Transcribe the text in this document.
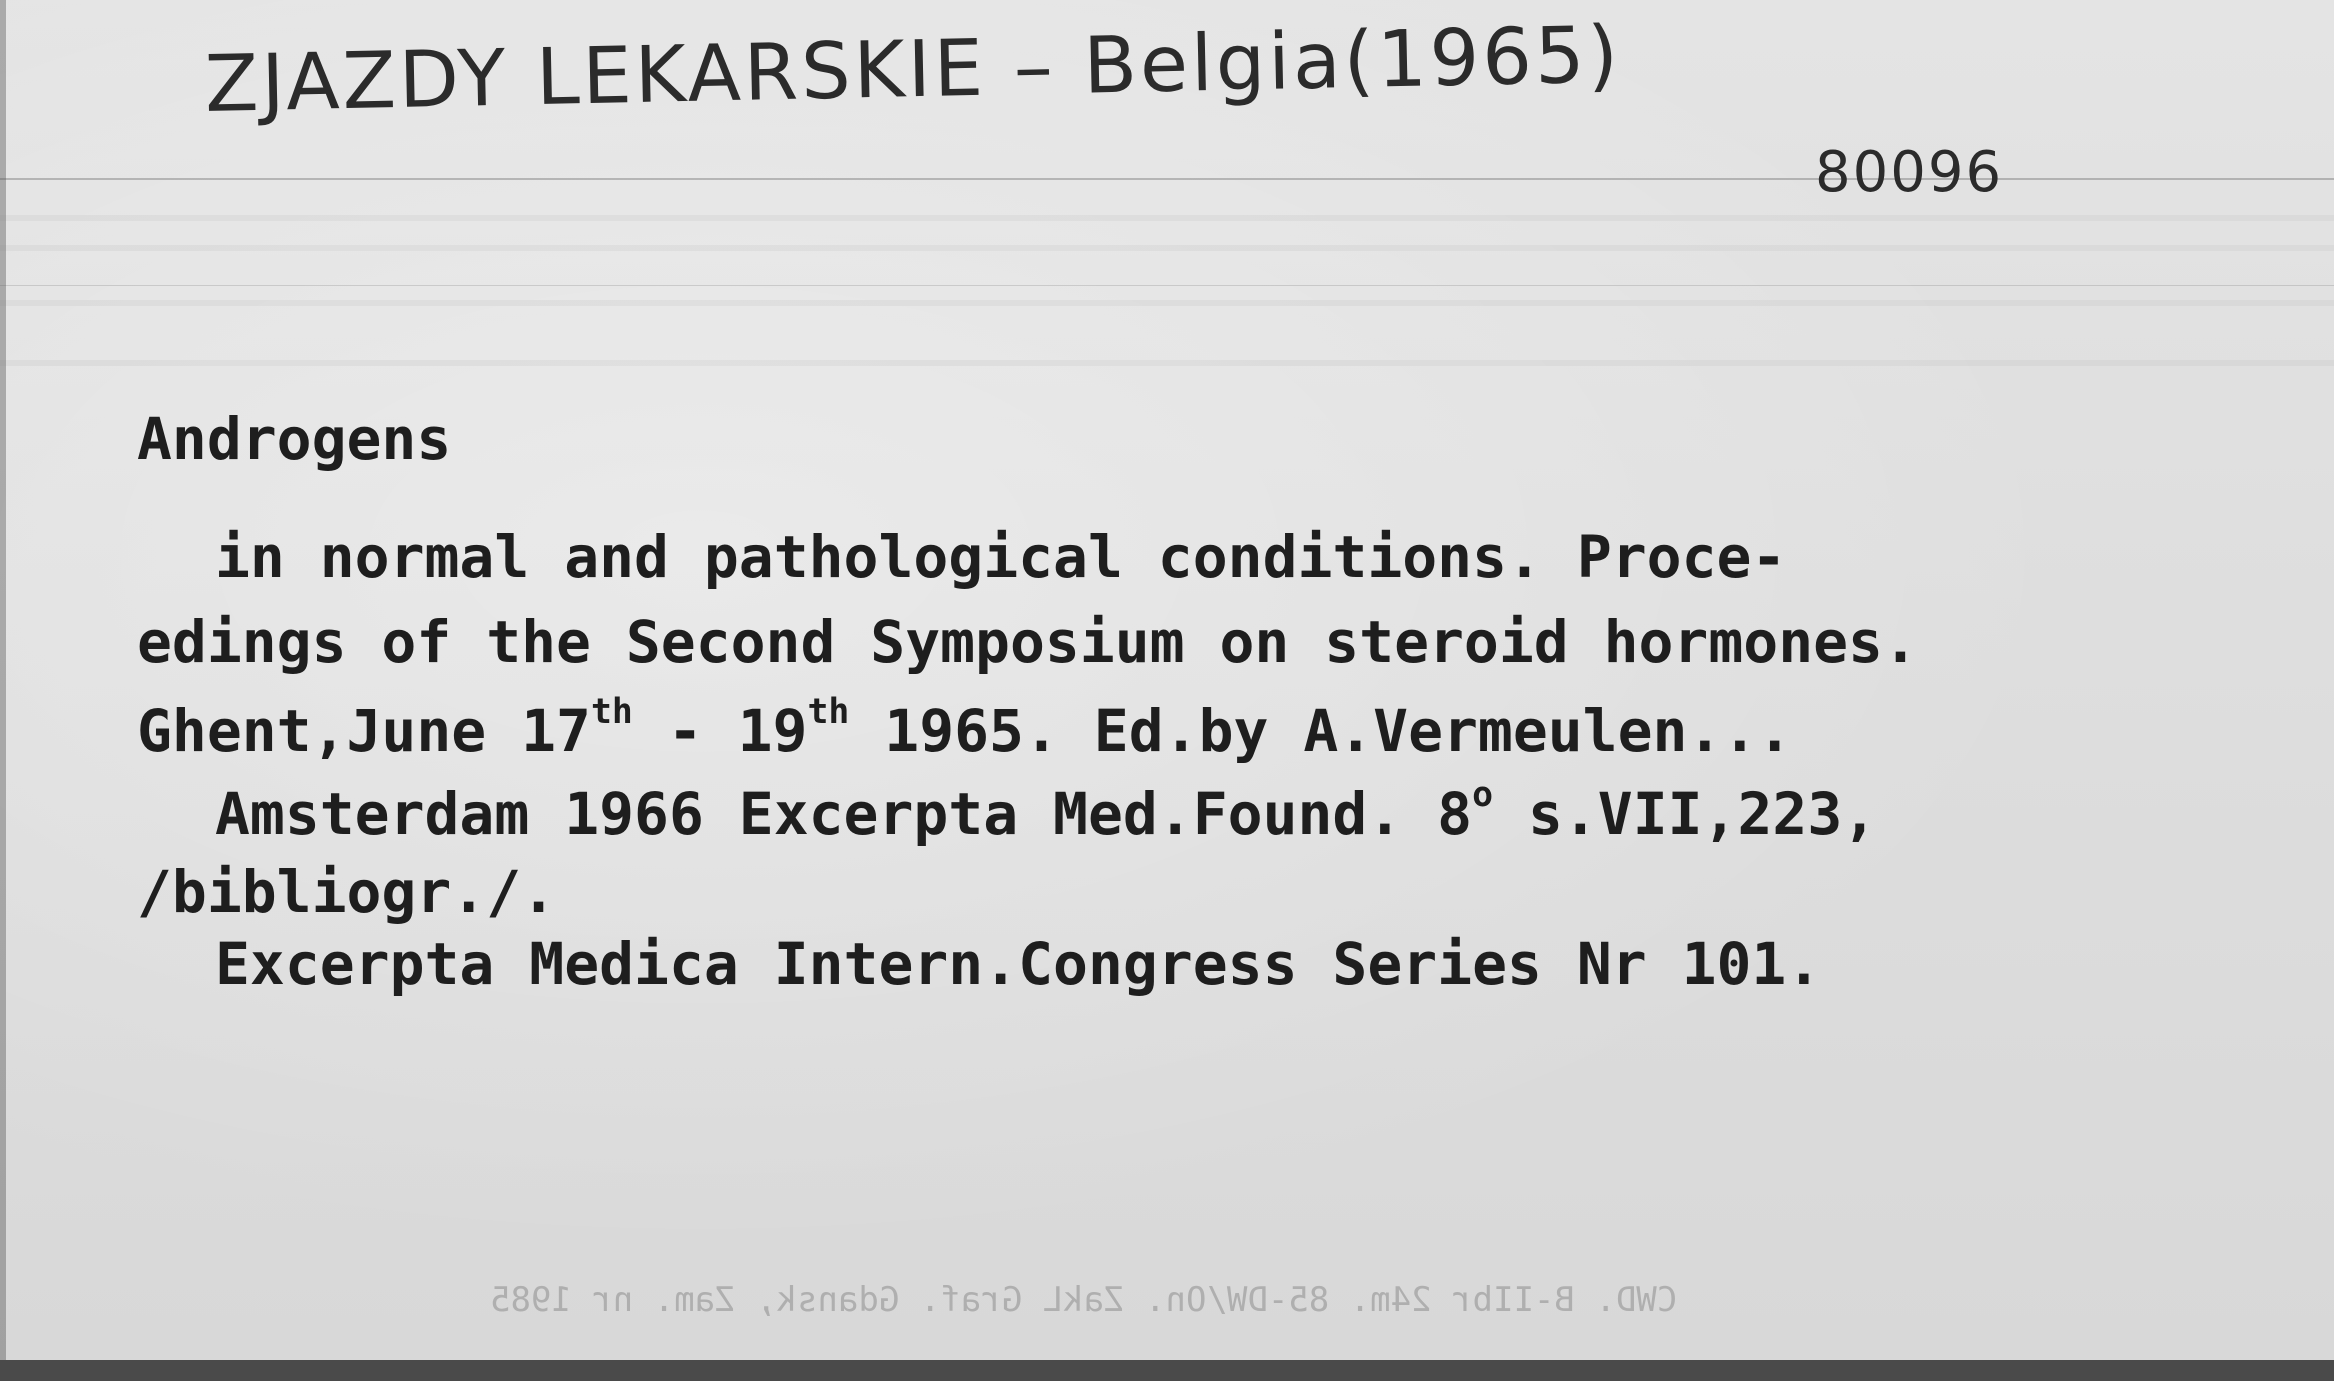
ZJAZDY LEKARSKIE – Belgia(1965)
80096
Androgens
in normal and pathological conditions. Proce-
edings of the Second Symposium on steroid hormones.
Ghent,June 17th - 19th 1965. Ed.by A.Vermeulen...
Amsterdam 1966 Excerpta Med.Found. 8$^o$ s.VII,223,
/bibliogr./.
Excerpta Medica Intern.Congress Series Nr 101.
CWD. B-IIbr 24m. 85-DW/On. ZakL Graf. Gdansk, Zam. nr 1985
